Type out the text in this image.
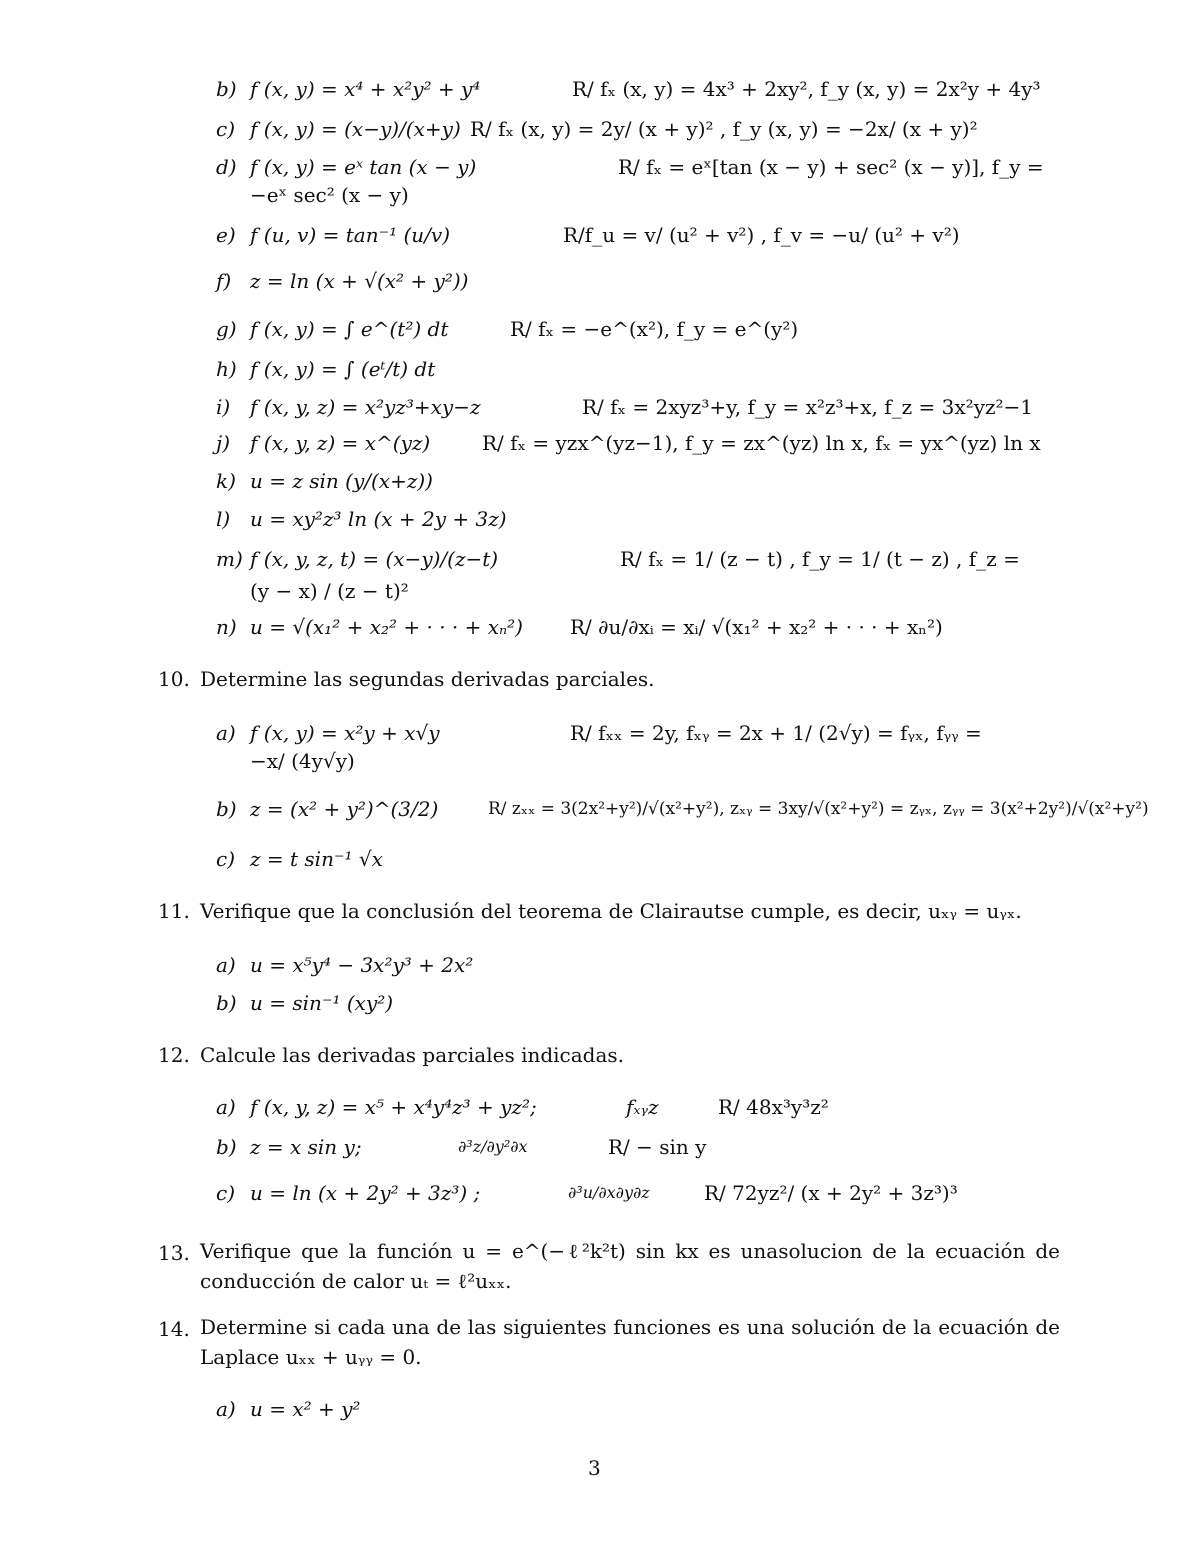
b) f (x, y) = x⁴ + x²y² + y⁴	R/ fₓ (x, y) = 4x³ + 2xy², f_y (x, y) = 2x²y + 4y³
c) f (x, y) = (x−y)/(x+y) R/ fₓ (x, y) = 2y/ (x + y)² , f_y (x, y) = −2x/ (x + y)²
d) f (x, y) = eˣ tan (x − y)	R/ fₓ = eˣ[tan (x − y) + sec² (x − y)], f_y =
−eˣ sec² (x − y)
e) f (u, v) = tan⁻¹ (u/v)	R/f_u = v/ (u² + v²) , f_v = −u/ (u² + v²)
f) z = ln (x + √(x² + y²))
g) f (x, y) = ∫ e^(t²) dt	R/ fₓ = −e^(x²), f_y = e^(y²)
h) f (x, y) = ∫ (eᵗ/t) dt
i) f (x, y, z) = x²yz³+xy−z	R/ fₓ = 2xyz³+y, f_y = x²z³+x, f_z = 3x²yz²−1
j) f (x, y, z) = x^(yz)	R/ fₓ = yzx^(yz−1), f_y = zx^(yz) ln x, fₓ = yx^(yz) ln x
k) u = z sin (y/(x+z))
l) u = xy²z³ ln (x + 2y + 3z)
m) f (x, y, z, t) = (x−y)/(z−t)	R/ fₓ = 1/ (z − t) , f_y = 1/ (t − z) , f_z =
(y − x) / (z − t)²
n) u = √(x₁² + x₂² + · · · + xₙ²) R/ ∂u/∂xᵢ = xᵢ/ √(x₁² + x₂² + · · · + xₙ²)
10. Determine las segundas derivadas parciales.
a) f (x, y) = x²y + x√y	R/ fₓₓ = 2y, fₓᵧ = 2x + 1/ (2√y) = fᵧₓ, fᵧᵧ =
−x/ (4y√y)
b) z = (x² + y²)^(3/2)	R/ zₓₓ = 3(2x²+y²)/√(x²+y²), zₓᵧ = 3xy/√(x²+y²) = zᵧₓ, zᵧᵧ = 3(x²+2y²)/√(x²+y²)
c) z = t sin⁻¹ √x
11. Verifique que la conclusión del teorema de Clairautse cumple, es decir, uₓᵧ = uᵧₓ.
a) u = x⁵y⁴ − 3x²y³ + 2x²
b) u = sin⁻¹ (xy²)
12. Calcule las derivadas parciales indicadas.
a) f (x, y, z) = x⁵ + x⁴y⁴z³ + yz²;	fₓᵧz	R/ 48x³y³z²
b) z = x sin y;	∂³z/∂y²∂x	R/ − sin y
c) u = ln (x + 2y² + 3z³) ;	∂³u/∂x∂y∂z	R/ 72yz²/ (x + 2y² + 3z³)³
13. Verifique que la función u = e^(−ℓ²k²t) sin kx es unasolucion de la ecuación de conducción de calor uₜ = ℓ²uₓₓ.
14. Determine si cada una de las siguientes funciones es una solución de la ecuación de Laplace uₓₓ + uᵧᵧ = 0.
a) u = x² + y²
3
